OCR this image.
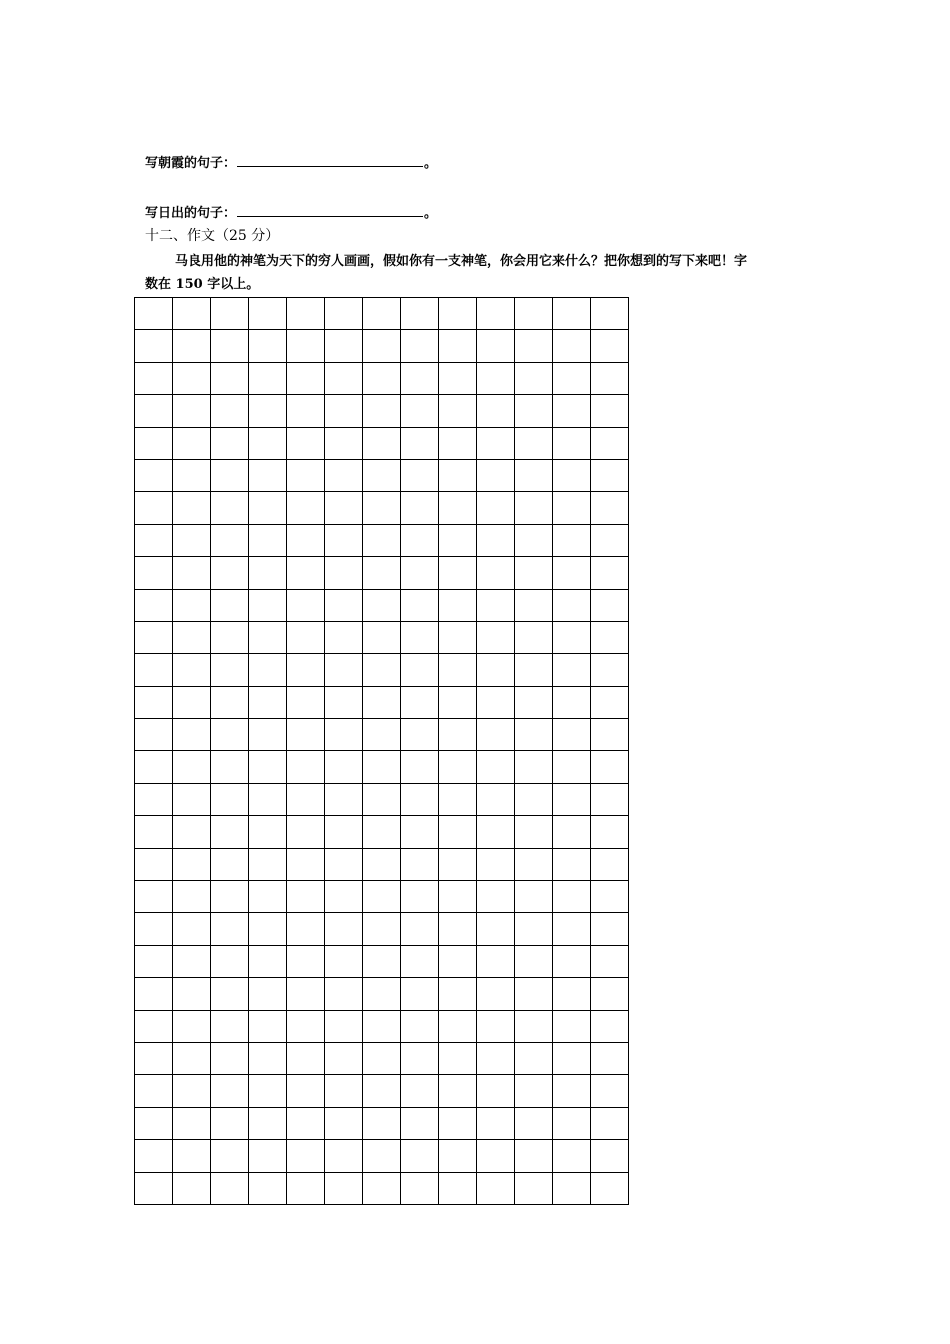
写朝霞的句子：	。
写日出的句子：	。
十二、作文（25 分）
马良用他的神笔为天下的穷人画画，假如你有一支神笔，你会用它来什么？把你想到的写下来吧！字
数在 150 字以上。
